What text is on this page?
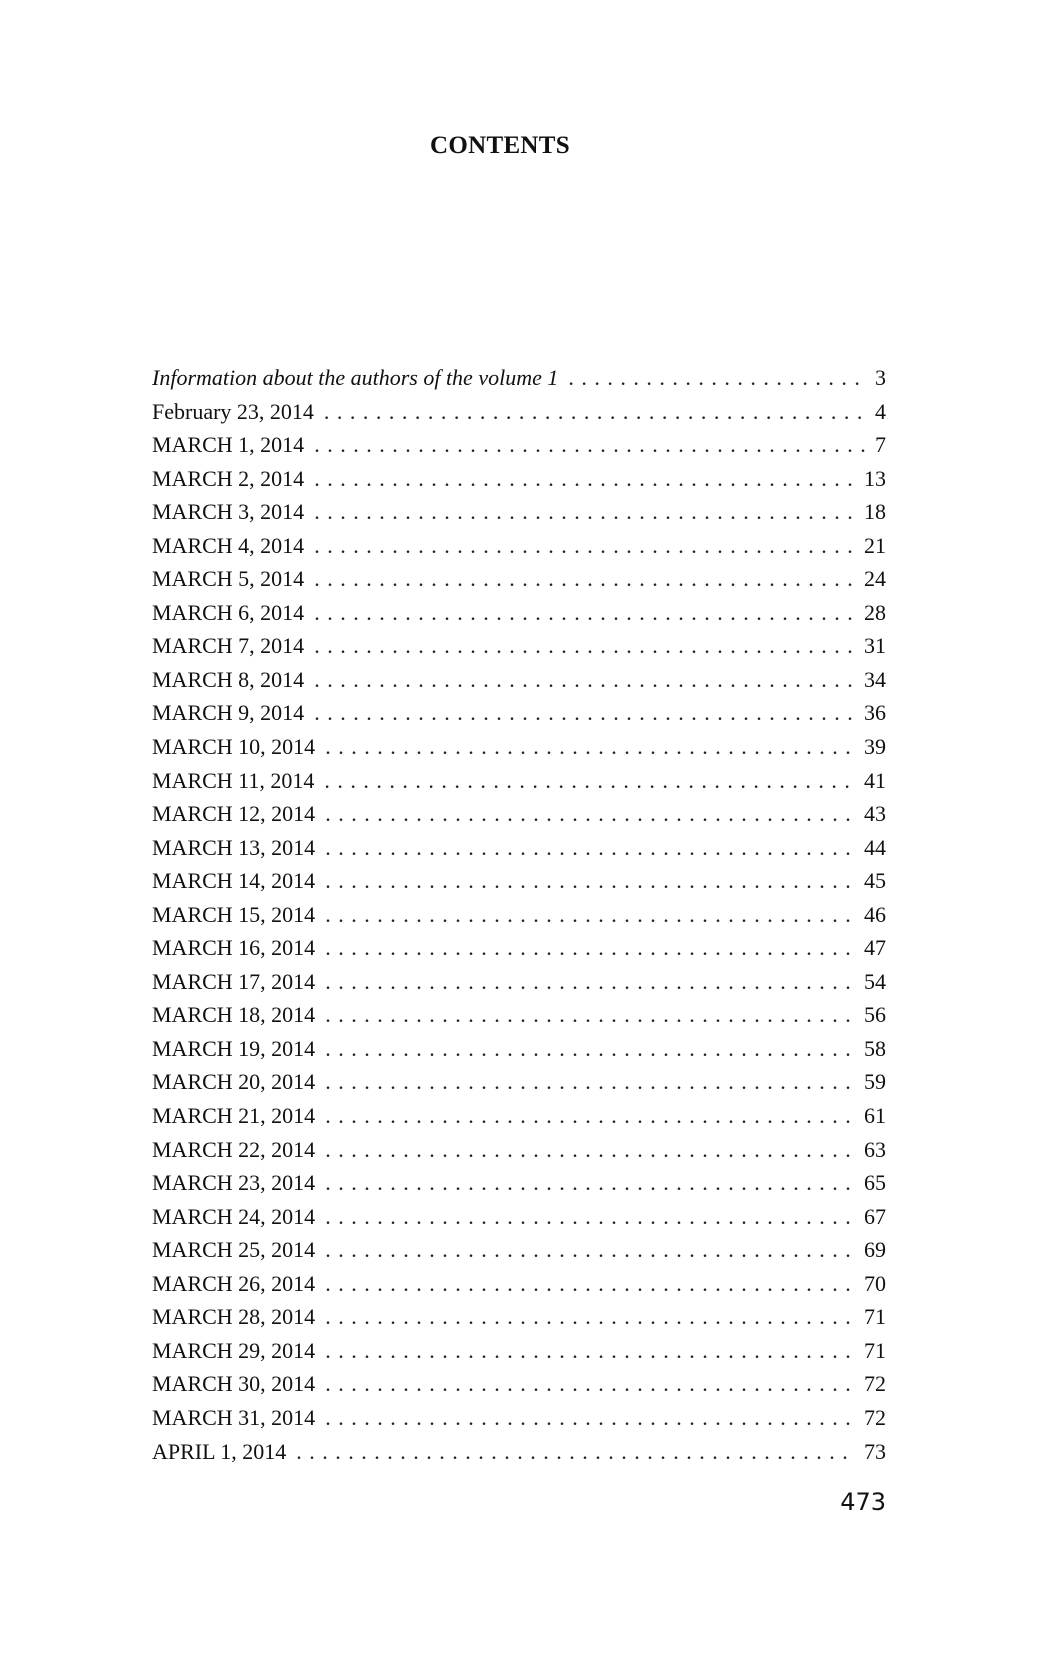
CONTENTS
Information about the authors of the volume 1 . . .	3
February 23, 2014 . . .	4
MARCH 1, 2014 . . .	7
MARCH 2, 2014 . . .	13
MARCH 3, 2014 . . .	18
MARCH 4, 2014 . . .	21
MARCH 5, 2014 . . .	24
MARCH 6, 2014 . . .	28
MARCH 7, 2014 . . .	31
MARCH 8, 2014 . . .	34
MARCH 9, 2014 . . .	36
MARCH 10, 2014 . . .	39
MARCH 11, 2014 . . .	41
MARCH 12, 2014 . . .	43
MARCH 13, 2014 . . .	44
MARCH 14, 2014 . . .	45
MARCH 15, 2014 . . .	46
MARCH 16, 2014 . . .	47
MARCH 17, 2014 . . .	54
MARCH 18, 2014 . . .	56
MARCH 19, 2014 . . .	58
MARCH 20, 2014 . . .	59
MARCH 21, 2014 . . .	61
MARCH 22, 2014 . . .	63
MARCH 23, 2014 . . .	65
MARCH 24, 2014 . . .	67
MARCH 25, 2014 . . .	69
MARCH 26, 2014 . . .	70
MARCH 28, 2014 . . .	71
MARCH 29, 2014 . . .	71
MARCH 30, 2014 . . .	72
MARCH 31, 2014 . . .	72
APRIL 1, 2014 . . .	73
473
